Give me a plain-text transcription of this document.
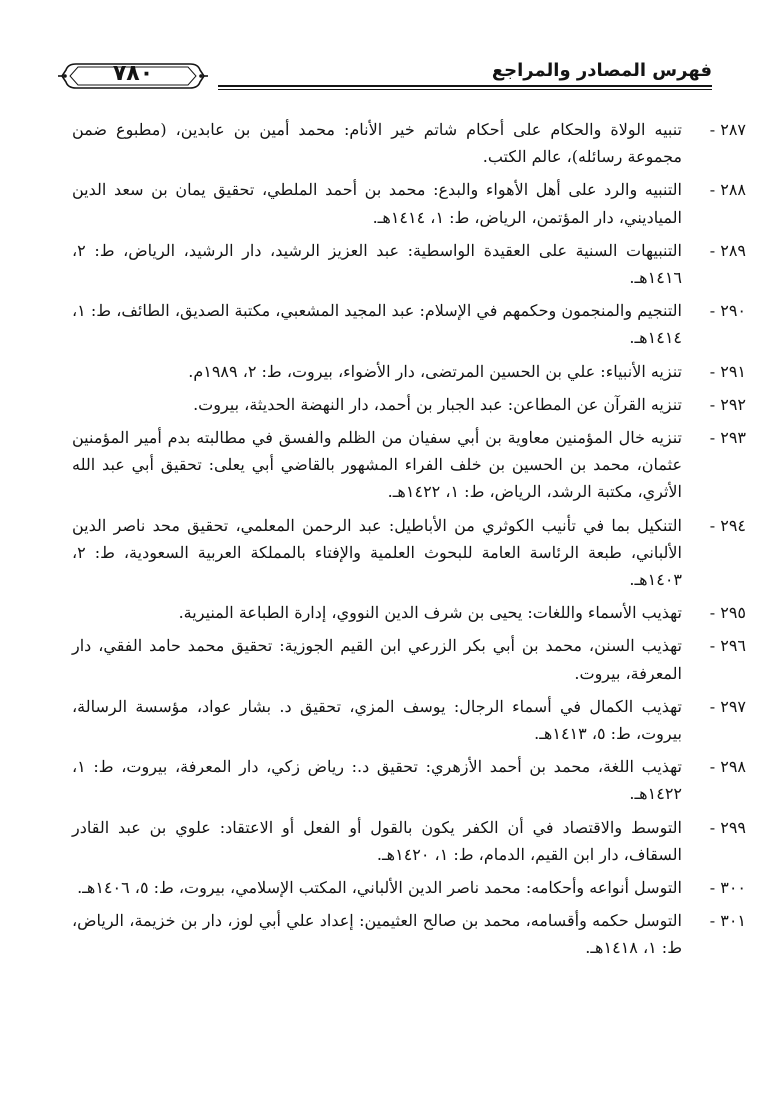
فهرس المصادر والمراجع
٧٨٠
٢٨٧ -
تنبيه الولاة والحكام على أحكام شاتم خير الأنام: محمد أمين بن عابدين، (مطبوع ضمن مجموعة رسائله)، عالم الكتب.
٢٨٨ -
التنبيه والرد على أهل الأهواء والبدع: محمد بن أحمد الملطي، تحقيق يمان بن سعد الدين الميادیني، دار المؤتمن، الرياض، ط: ١، ١٤١٤هـ.
٢٨٩ -
التنبيهات السنية على العقيدة الواسطية: عبد العزيز الرشيد، دار الرشيد، الرياض، ط: ٢، ١٤١٦هـ.
٢٩٠ -
التنجيم والمنجمون وحكمهم في الإسلام: عبد المجيد المشعبي، مكتبة الصديق، الطائف، ط: ١، ١٤١٤هـ.
٢٩١ -
تنزيه الأنبياء: علي بن الحسين المرتضى، دار الأضواء، بيروت، ط: ٢، ١٩٨٩م.
٢٩٢ -
تنزيه القرآن عن المطاعن: عبد الجبار بن أحمد، دار النهضة الحديثة، بيروت.
٢٩٣ -
تنزيه خال المؤمنين معاوية بن أبي سفيان من الظلم والفسق في مطالبته بدم أمير المؤمنين عثمان، محمد بن الحسين بن خلف الفراء المشهور بالقاضي أبي يعلى: تحقيق أبي عبد الله الأثري، مكتبة الرشد، الرياض، ط: ١، ١٤٢٢هـ.
٢٩٤ -
التنكيل بما في تأنيب الكوثري من الأباطيل: عبد الرحمن المعلمي، تحقيق محد ناصر الدين الألباني، طبعة الرئاسة العامة للبحوث العلمية والإفتاء بالمملكة العربية السعودية، ط: ٢، ١٤٠٣هـ.
٢٩٥ -
تهذيب الأسماء واللغات: يحيى بن شرف الدين النووي، إدارة الطباعة المنيرية.
٢٩٦ -
تهذيب السنن، محمد بن أبي بكر الزرعي ابن القيم الجوزية: تحقيق محمد حامد الفقي، دار المعرفة، بيروت.
٢٩٧ -
تهذيب الكمال في أسماء الرجال: يوسف المزي، تحقيق د. بشار عواد، مؤسسة الرسالة، بيروت، ط: ٥، ١٤١٣هـ.
٢٩٨ -
تهذيب اللغة، محمد بن أحمد الأزهري: تحقيق د.: رياض زكي، دار المعرفة، بيروت، ط: ١، ١٤٢٢هـ.
٢٩٩ -
التوسط والاقتصاد في أن الكفر يكون بالقول أو الفعل أو الاعتقاد: علوي بن عبد القادر السقاف، دار ابن القيم، الدمام، ط: ١، ١٤٢٠هـ.
٣٠٠ -
التوسل أنواعه وأحكامه: محمد ناصر الدين الألباني، المكتب الإسلامي، بيروت، ط: ٥، ١٤٠٦هـ.
٣٠١ -
التوسل حكمه وأقسامه، محمد بن صالح العثيمين: إعداد علي أبي لوز، دار بن خزيمة، الرياض، ط: ١، ١٤١٨هـ.
